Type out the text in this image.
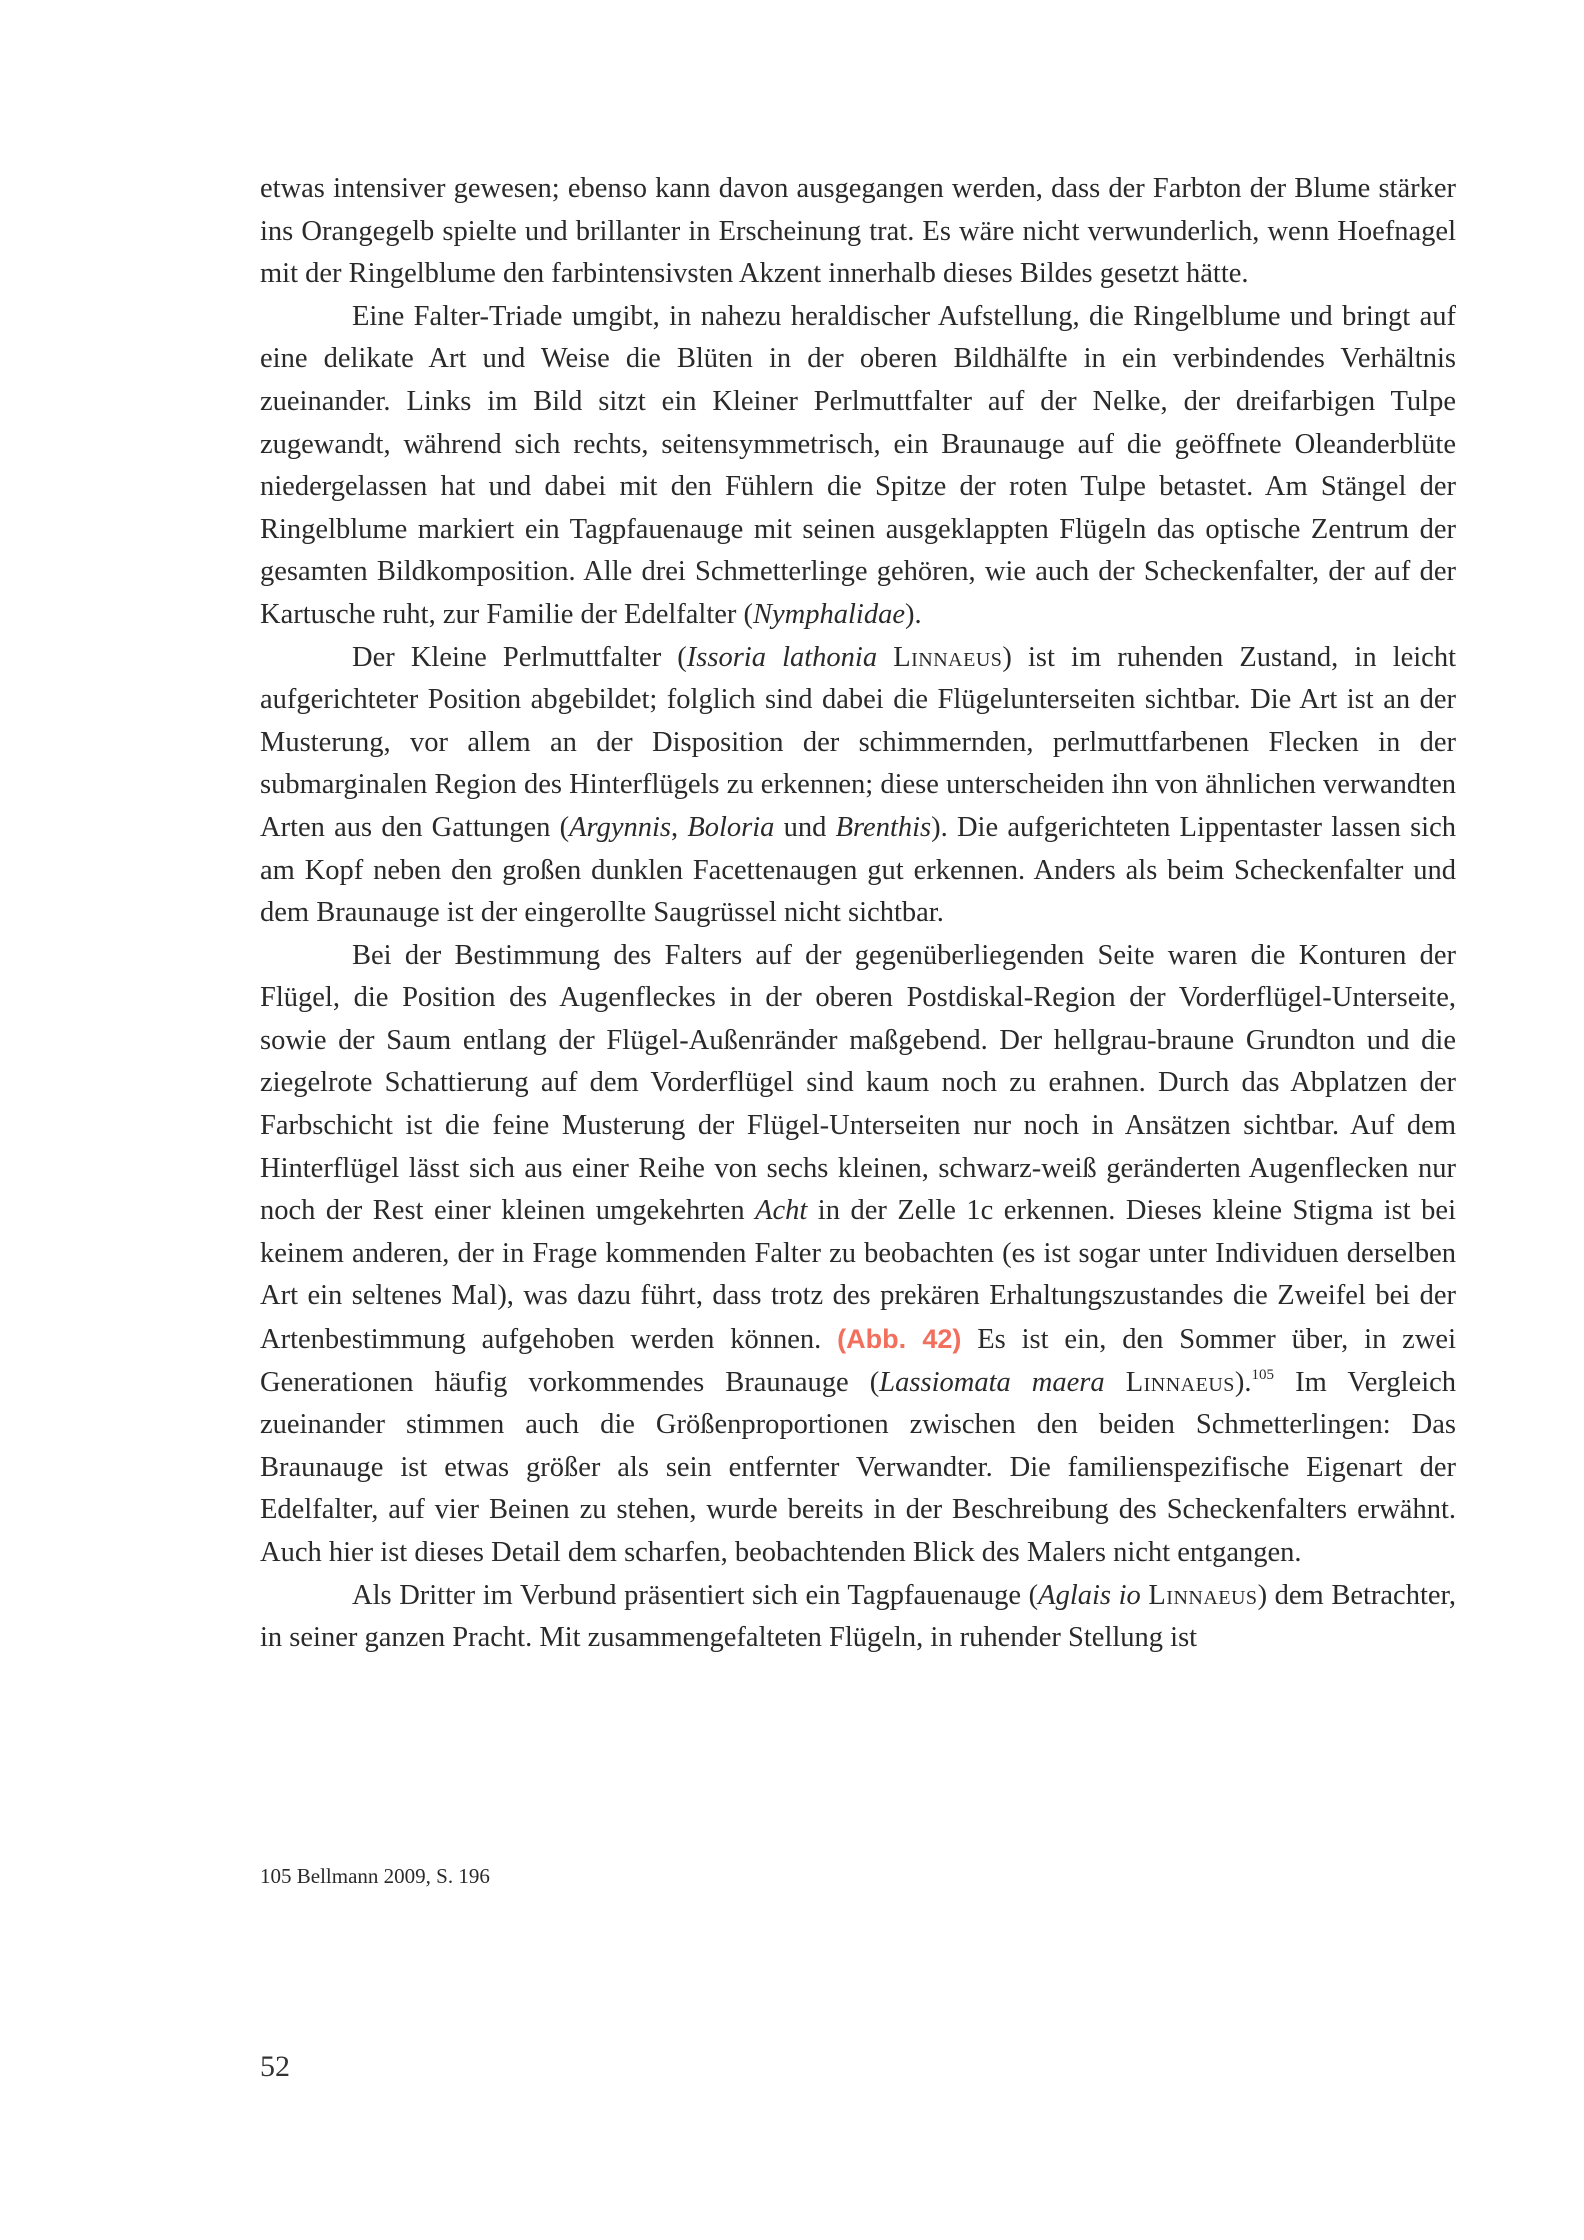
etwas intensiver gewesen; ebenso kann davon ausgegangen werden, dass der Farbton der Blume stärker ins Orangegelb spielte und brillanter in Erscheinung trat. Es wäre nicht verwunderlich, wenn Hoefnagel mit der Ringelblume den farbintensivsten Akzent innerhalb dieses Bildes gesetzt hätte.

Eine Falter-Triade umgibt, in nahezu heraldischer Aufstellung, die Ringelblume und bringt auf eine delikate Art und Weise die Blüten in der oberen Bildhälfte in ein verbindendes Verhältnis zueinander. Links im Bild sitzt ein Kleiner Perlmuttfalter auf der Nelke, der dreifarbigen Tulpe zugewandt, während sich rechts, seitensymmetrisch, ein Braunauge auf die geöffnete Oleanderblüte niedergelassen hat und dabei mit den Fühlern die Spitze der roten Tulpe betastet. Am Stängel der Ringelblume markiert ein Tagpfauenauge mit seinen ausgeklappten Flügeln das optische Zentrum der gesamten Bildkomposition. Alle drei Schmetterlinge gehören, wie auch der Scheckenfalter, der auf der Kartusche ruht, zur Familie der Edelfalter (Nymphalidae).

Der Kleine Perlmuttfalter (Issoria lathonia Linnaeus) ist im ruhenden Zustand, in leicht aufgerichteter Position abgebildet; folglich sind dabei die Flügelunterseiten sichtbar. Die Art ist an der Musterung, vor allem an der Disposition der schimmernden, perlmuttfarbenen Flecken in der submarginalen Region des Hinterflügels zu erkennen; diese unterscheiden ihn von ähnlichen verwandten Arten aus den Gattungen (Argynnis, Boloria und Brenthis). Die aufgerichteten Lippentaster lassen sich am Kopf neben den großen dunklen Facettenaugen gut erkennen. Anders als beim Scheckenfalter und dem Braunauge ist der eingerollte Saugrüssel nicht sichtbar.

Bei der Bestimmung des Falters auf der gegenüberliegenden Seite waren die Konturen der Flügel, die Position des Augenfleckes in der oberen Postdiskal-Region der Vorderflügel-Unterseite, sowie der Saum entlang der Flügel-Außenränder maßgebend. Der hellgrau-braune Grundton und die ziegelrote Schattierung auf dem Vorderflügel sind kaum noch zu erahnen. Durch das Abplatzen der Farbschicht ist die feine Musterung der Flügel-Unterseiten nur noch in Ansätzen sichtbar. Auf dem Hinterflügel lässt sich aus einer Reihe von sechs kleinen, schwarz-weiß geränderten Augenflecken nur noch der Rest einer kleinen umgekehrten Acht in der Zelle 1c erkennen. Dieses kleine Stigma ist bei keinem anderen, der in Frage kommenden Falter zu beobachten (es ist sogar unter Individuen derselben Art ein seltenes Mal), was dazu führt, dass trotz des prekären Erhaltungszustandes die Zweifel bei der Artenbestimmung aufgehoben werden können. (Abb. 42) Es ist ein, den Sommer über, in zwei Generationen häufig vorkommendes Braunauge (Lassiomata maera Linnaeus).$^{105}$ Im Vergleich zueinander stimmen auch die Größenproportionen zwischen den beiden Schmetterlingen: Das Braunauge ist etwas größer als sein entfernter Verwandter. Die familienspezifische Eigenart der Edelfalter, auf vier Beinen zu stehen, wurde bereits in der Beschreibung des Scheckenfalters erwähnt. Auch hier ist dieses Detail dem scharfen, beobachtenden Blick des Malers nicht entgangen.

Als Dritter im Verbund präsentiert sich ein Tagpfauenauge (Aglais io Linnaeus) dem Betrachter, in seiner ganzen Pracht. Mit zusammengefalteten Flügeln, in ruhender Stellung ist

105 Bellmann 2009, S. 196
52
